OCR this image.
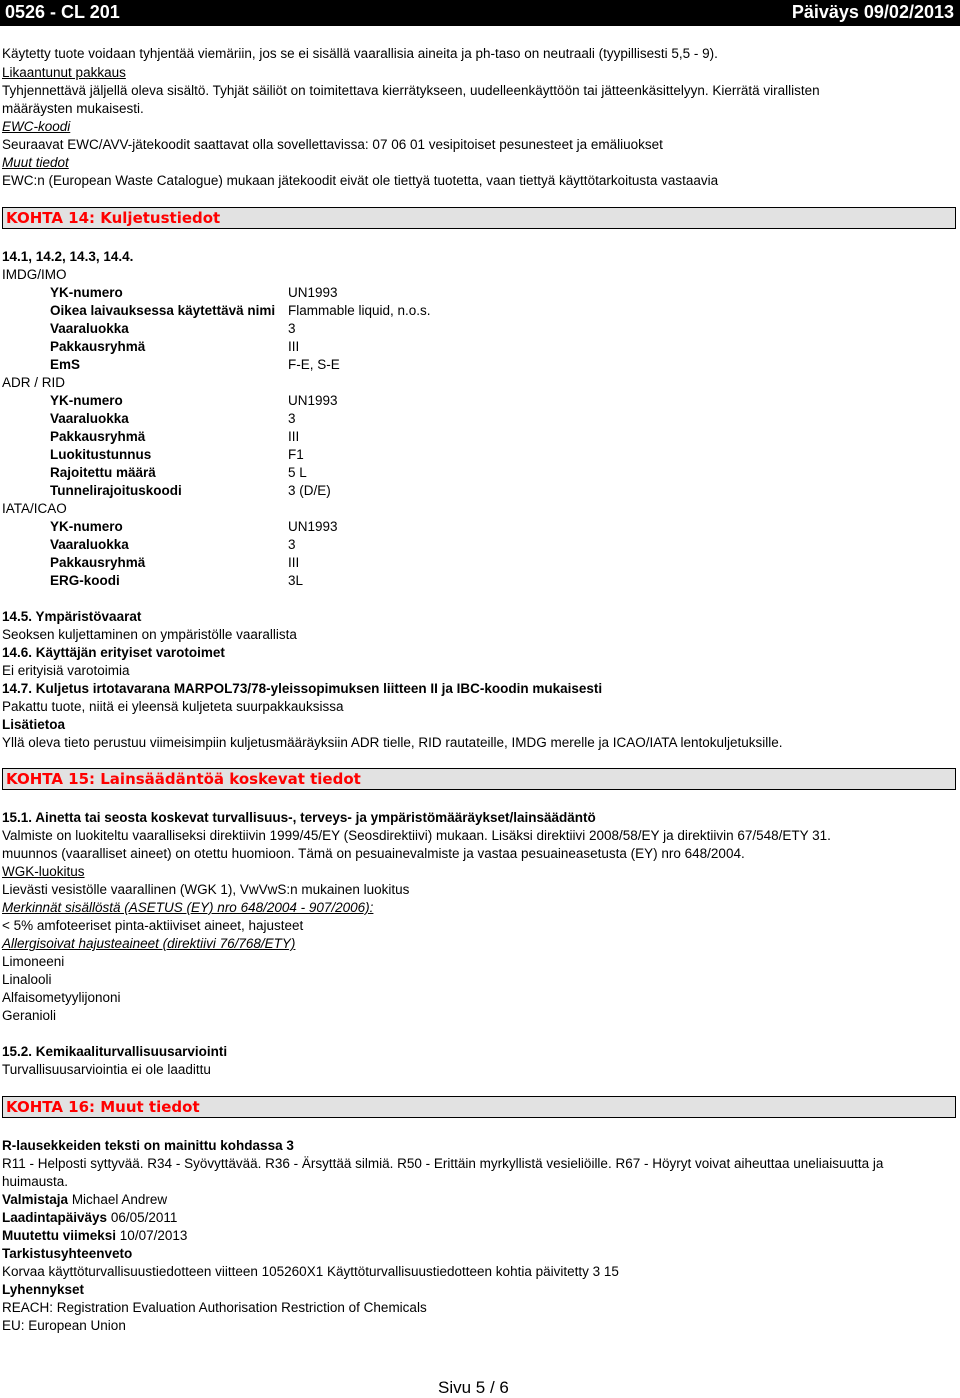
0526 - CL 201	Päiväys 09/02/2013
Käytetty tuote voidaan tyhjentää viemäriin, jos se ei sisällä vaarallisia aineita ja ph-taso on neutraali (tyypillisesti 5,5 - 9).
Likaantunut pakkaus
Tyhjennettävä jäljellä oleva sisältö. Tyhjät säiliöt on toimitettava kierrätykseen, uudelleenkäyttöön tai jätteenkäsittelyyn. Kierrätä virallisten
määräysten mukaisesti.
EWC-koodi
Seuraavat EWC/AVV-jätekoodit saattavat olla sovellettavissa: 07 06 01 vesipitoiset pesunesteet ja emäliuokset
Muut tiedot
EWC:n (European Waste Catalogue) mukaan jätekoodit eivät ole tiettyä tuotetta, vaan tiettyä käyttötarkoitusta vastaavia
KOHTA 14: Kuljetustiedot
14.1, 14.2, 14.3, 14.4.
IMDG/IMO
YK-numero	UN1993
Oikea laivauksessa käytettävä nimi Flammable liquid, n.o.s.
Vaaraluokka	3
Pakkausryhmä	III
EmS	F-E, S-E
ADR / RID
YK-numero	UN1993
Vaaraluokka	3
Pakkausryhmä	III
Luokitustunnus	F1
Rajoitettu määrä	5 L
Tunnelirajoituskoodi	3 (D/E)
IATA/ICAO
YK-numero	UN1993
Vaaraluokka	3
Pakkausryhmä	III
ERG-koodi	3L
14.5. Ympäristövaarat
Seoksen kuljettaminen on ympäristölle vaarallista
14.6. Käyttäjän erityiset varotoimet
Ei erityisiä varotoimia
14.7. Kuljetus irtotavarana MARPOL73/78-yleissopimuksen liitteen II ja IBC-koodin mukaisesti
Pakattu tuote, niitä ei yleensä kuljeteta suurpakkauksissa
Lisätietoa
Yllä oleva tieto perustuu viimeisimpiin kuljetusmääräyksiin ADR tielle, RID rautateille, IMDG merelle ja ICAO/IATA lentokuljetuksille.
KOHTA 15: Lainsäädäntöä koskevat tiedot
15.1. Ainetta tai seosta koskevat turvallisuus-, terveys- ja ympäristömääräykset/lainsäädäntö
Valmiste on luokiteltu vaaralliseksi direktiivin 1999/45/EY (Seosdirektiivi) mukaan. Lisäksi direktiivi 2008/58/EY ja direktiivin 67/548/ETY 31.
muunnos (vaaralliset aineet) on otettu huomioon. Tämä on pesuainevalmiste ja vastaa pesuaineasetusta (EY) nro 648/2004.
WGK-luokitus
Lievästi vesistölle vaarallinen (WGK 1), VwVwS:n mukainen luokitus
Merkinnät sisällöstä (ASETUS (EY) nro 648/2004 - 907/2006):
< 5% amfoteeriset pinta-aktiiviset aineet, hajusteet
Allergisoivat hajusteaineet (direktiivi 76/768/ETY)
Limoneeni
Linalooli
Alfaisometyylijononi
Geranioli
15.2. Kemikaaliturvallisuusarviointi
Turvallisuusarviointia ei ole laadittu
KOHTA 16: Muut tiedot
R-lausekkeiden teksti on mainittu kohdassa 3
R11 - Helposti syttyvää. R34 - Syövyttävää. R36 - Ärsyttää silmiä. R50 - Erittäin myrkyllistä vesieliöille. R67 - Höyryt voivat aiheuttaa uneliaisuutta ja
huimausta.
Valmistaja Michael Andrew
Laadintapäiväys 06/05/2011
Muutettu viimeksi 10/07/2013
Tarkistusyhteenveto
Korvaa käyttöturvallisuustiedotteen viitteen 105260X1 Käyttöturvallisuustiedotteen kohtia päivitetty 3 15
Lyhennykset
REACH: Registration Evaluation Authorisation Restriction of Chemicals
EU: European Union
Sivu 5 / 6
